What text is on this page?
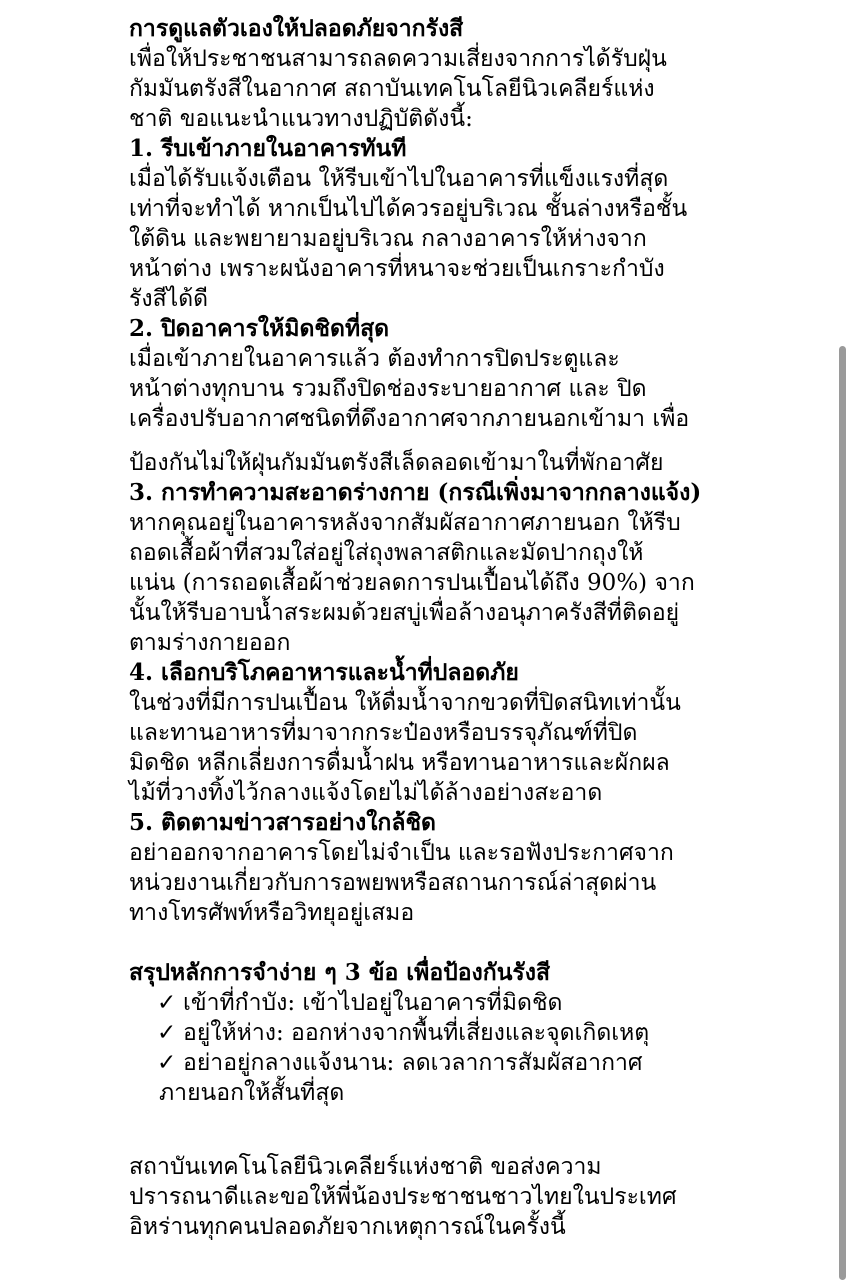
การดูแลตัวเองให้ปลอดภัยจากรังสี
เพื่อให้ประชาชนสามารถลดความเสี่ยงจากการได้รับฝุ่น
กัมมันตรังสีในอากาศ สถาบันเทคโนโลยีนิวเคลียร์แห่ง
ชาติ ขอแนะนำแนวทางปฏิบัติดังนี้:
1. รีบเข้าภายในอาคารทันที
เมื่อได้รับแจ้งเตือน ให้รีบเข้าไปในอาคารที่แข็งแรงที่สุด
เท่าที่จะทำได้ หากเป็นไปได้ควรอยู่บริเวณ ชั้นล่างหรือชั้น
ใต้ดิน และพยายามอยู่บริเวณ กลางอาคารให้ห่างจาก
หน้าต่าง เพราะผนังอาคารที่หนาจะช่วยเป็นเกราะกำบัง
รังสีได้ดี
2. ปิดอาคารให้มิดชิดที่สุด
เมื่อเข้าภายในอาคารแล้ว ต้องทำการปิดประตูและ
หน้าต่างทุกบาน รวมถึงปิดช่องระบายอากาศ และ ปิด
เครื่องปรับอากาศชนิดที่ดึงอากาศจากภายนอกเข้ามา เพื่อ
ป้องกันไม่ให้ฝุ่นกัมมันตรังสีเล็ดลอดเข้ามาในที่พักอาศัย
3. การทำความสะอาดร่างกาย (กรณีเพิ่งมาจากกลางแจ้ง)
หากคุณอยู่ในอาคารหลังจากสัมผัสอากาศภายนอก ให้รีบ
ถอดเสื้อผ้าที่สวมใส่อยู่ใส่ถุงพลาสติกและมัดปากถุงให้
แน่น (การถอดเสื้อผ้าช่วยลดการปนเปื้อนได้ถึง 90%) จาก
นั้นให้รีบอาบน้ำสระผมด้วยสบู่เพื่อล้างอนุภาครังสีที่ติดอยู่
ตามร่างกายออก
4. เลือกบริโภคอาหารและน้ำที่ปลอดภัย
ในช่วงที่มีการปนเปื้อน ให้ดื่มน้ำจากขวดที่ปิดสนิทเท่านั้น
และทานอาหารที่มาจากกระป๋องหรือบรรจุภัณฑ์ที่ปิด
มิดชิด หลีกเลี่ยงการดื่มน้ำฝน หรือทานอาหารและผักผล
ไม้ที่วางทิ้งไว้กลางแจ้งโดยไม่ได้ล้างอย่างสะอาด
5. ติดตามข่าวสารอย่างใกล้ชิด
อย่าออกจากอาคารโดยไม่จำเป็น และรอฟังประกาศจาก
หน่วยงานเกี่ยวกับการอพยพหรือสถานการณ์ล่าสุดผ่าน
ทางโทรศัพท์หรือวิทยุอยู่เสมอ
สรุปหลักการจำง่าย ๆ 3 ข้อ เพื่อป้องกันรังสี
✓ เข้าที่กำบัง: เข้าไปอยู่ในอาคารที่มิดชิด
✓ อยู่ให้ห่าง: ออกห่างจากพื้นที่เสี่ยงและจุดเกิดเหตุ
✓ อย่าอยู่กลางแจ้งนาน: ลดเวลาการสัมผัสอากาศ
ภายนอกให้สั้นที่สุด
สถาบันเทคโนโลยีนิวเคลียร์แห่งชาติ ขอส่งความ
ปรารถนาดีและขอให้พี่น้องประชาชนชาวไทยในประเทศ
อิหร่านทุกคนปลอดภัยจากเหตุการณ์ในครั้งนี้
